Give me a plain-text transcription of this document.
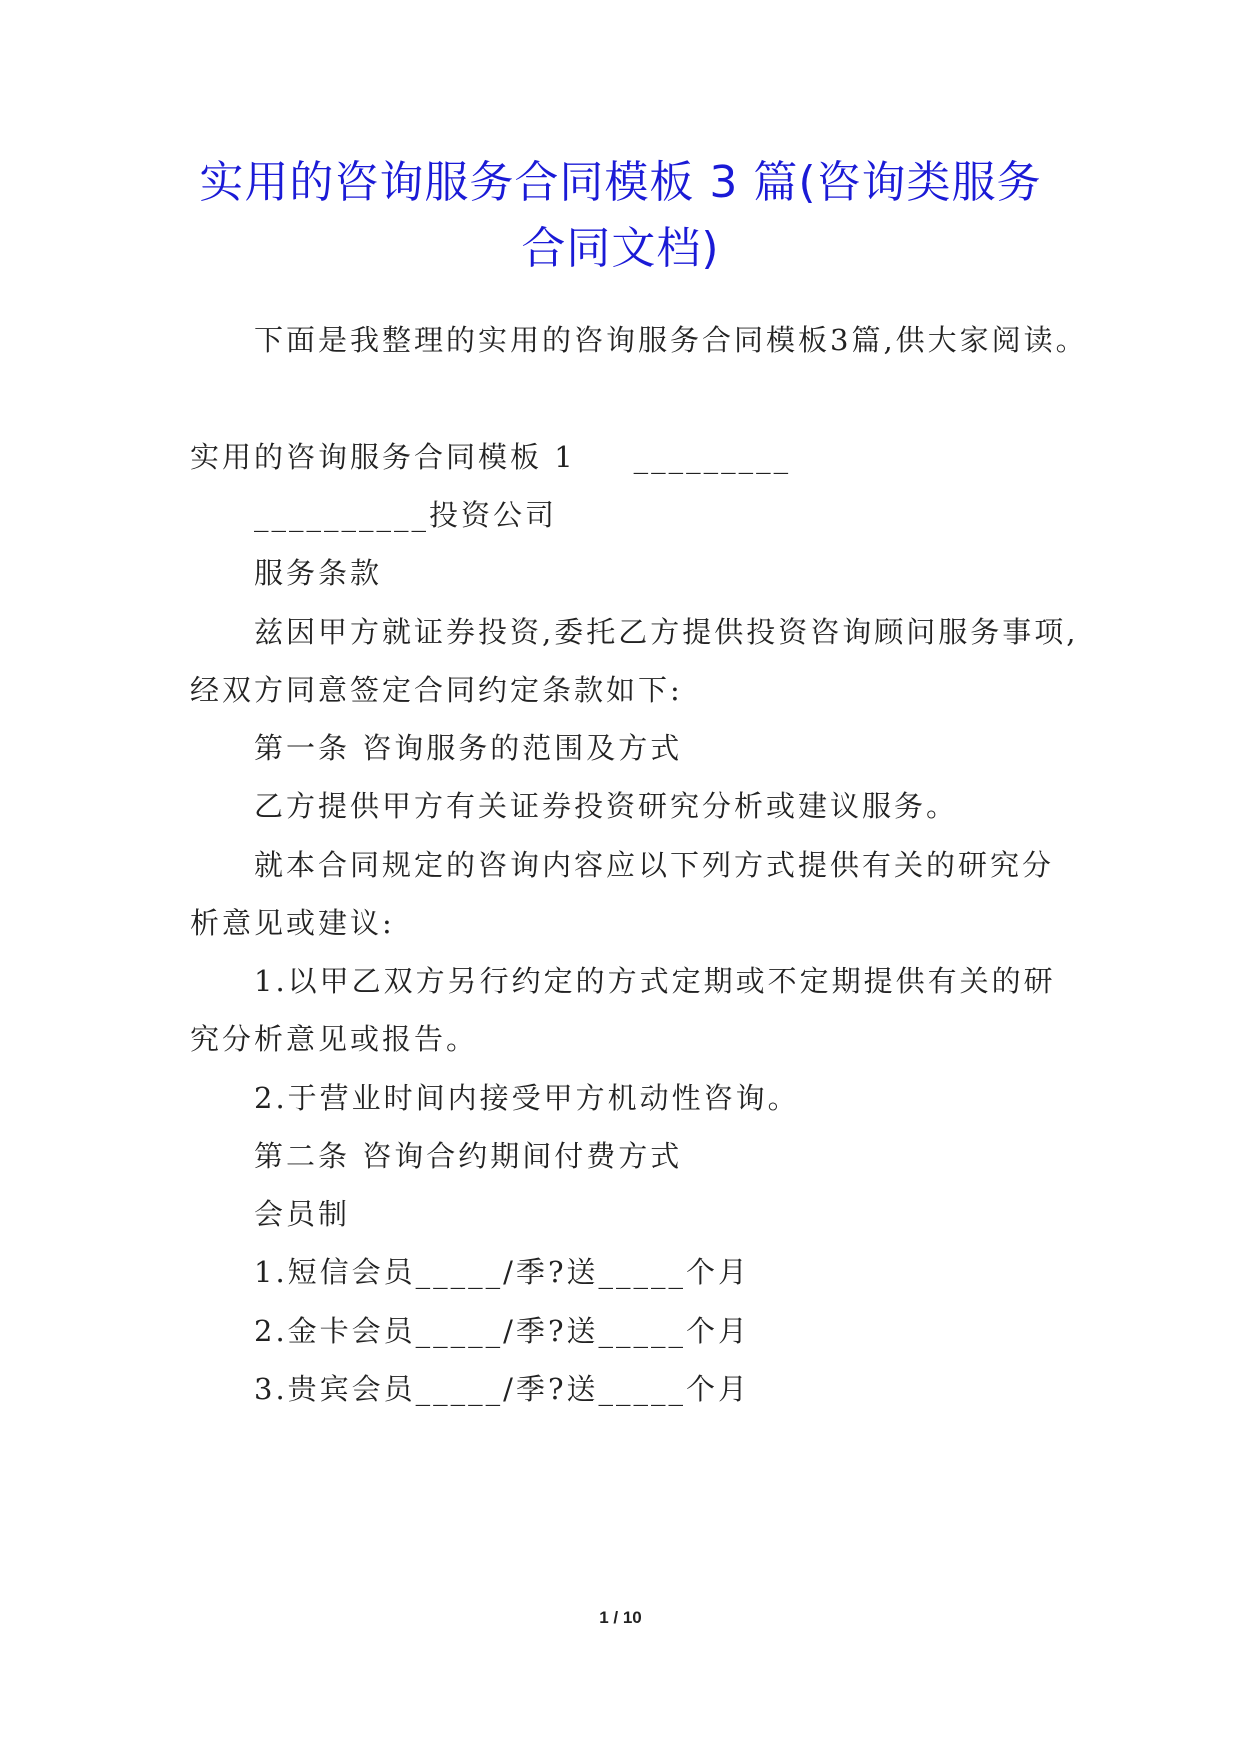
实用的咨询服务合同模板 3 篇(咨询类服务
合同文档)
下面是我整理的实用的咨询服务合同模板3篇,供大家阅读。
实用的咨询服务合同模板 1 _________
__________投资公司
服务条款
兹因甲方就证券投资,委托乙方提供投资咨询顾问服务事项,
经双方同意签定合同约定条款如下:
第一条 咨询服务的范围及方式
乙方提供甲方有关证券投资研究分析或建议服务。
就本合同规定的咨询内容应以下列方式提供有关的研究分
析意见或建议:
1.以甲乙双方另行约定的方式定期或不定期提供有关的研
究分析意见或报告。
2.于营业时间内接受甲方机动性咨询。
第二条 咨询合约期间付费方式
会员制
1.短信会员_____/季?送_____个月
2.金卡会员_____/季?送_____个月
3.贵宾会员_____/季?送_____个月
1 / 10
